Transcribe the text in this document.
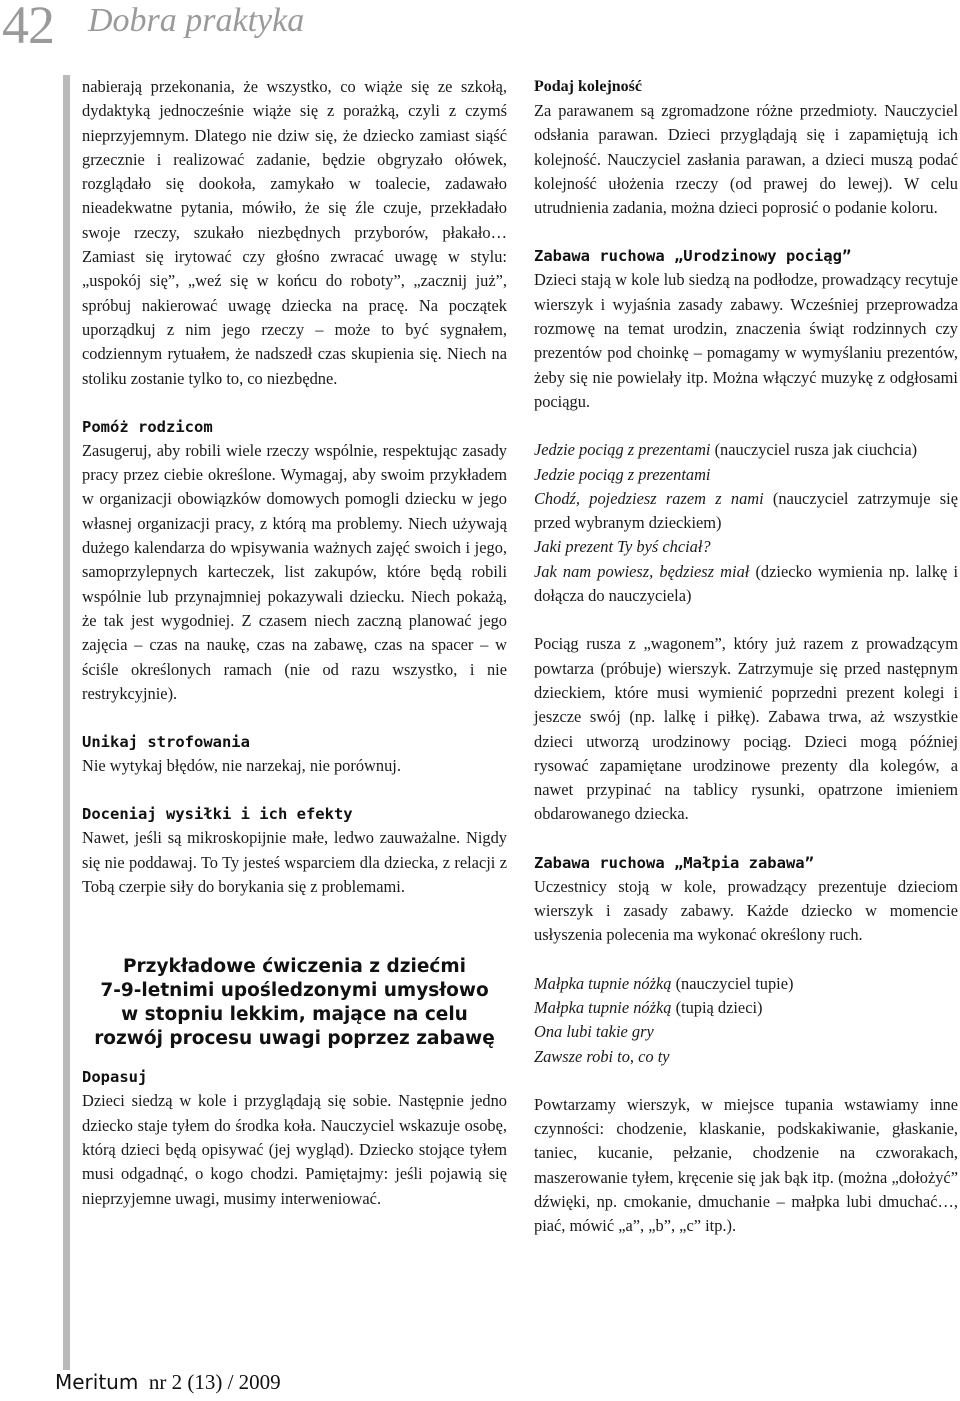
42 Dobra praktyka

nabierają przekonania, że wszystko, co wiąże się ze szkołą, dydaktyką jednocześnie wiąże się z porażką, czyli z czymś nieprzyjemnym. Dlatego nie dziw się, że dziecko zamiast siąść grzecznie i realizować zadanie, będzie obgryzało ołówek, rozglądało się dookoła, zamykało w toalecie, zadawało nieadekwatne pytania, mówiło, że się źle czuje, przekładało swoje rzeczy, szukało niezbędnych przyborów, płakało… Zamiast się irytować czy głośno zwracać uwagę w stylu: „uspokój się”, „weź się w końcu do roboty”, „zacznij już”, spróbuj nakierować uwagę dziecka na pracę. Na początek uporządkuj z nim jego rzeczy – może to być sygnałem, codziennym rytuałem, że nadszedł czas skupienia się. Niech na stoliku zostanie tylko to, co niezbędne.

Pomóż rodzicom

Zasugeruj, aby robili wiele rzeczy wspólnie, respektując zasady pracy przez ciebie określone. Wymagaj, aby swoim przykładem w organizacji obowiązków domowych pomogli dziecku w jego własnej organizacji pracy, z którą ma problemy. Niech używają dużego kalendarza do wpisywania ważnych zajęć swoich i jego, samoprzylepnych karteczek, list zakupów, które będą robili wspólnie lub przynajmniej pokazywali dziecku. Niech pokażą, że tak jest wygodniej. Z czasem niech zaczną planować jego zajęcia – czas na naukę, czas na zabawę, czas na spacer – w ściśle określonych ramach (nie od razu wszystko, i nie restrykcyjnie).

Unikaj strofowania

Nie wytykaj błędów, nie narzekaj, nie porównuj.

Doceniaj wysiłki i ich efekty

Nawet, jeśli są mikroskopijnie małe, ledwo zauważalne. Nigdy się nie poddawaj. To Ty jesteś wsparciem dla dziecka, z relacji z Tobą czerpie siły do borykania się z problemami.

Przykładowe ćwiczenia z dziećmi
7-9-letnimi upośledzonymi umysłowo
w stopniu lekkim, mające na celu
rozwój procesu uwagi poprzez zabawę
Dopasuj

Dzieci siedzą w kole i przyglądają się sobie. Następnie jedno dziecko staje tyłem do środka koła. Nauczyciel wskazuje osobę, którą dzieci będą opisywać (jej wygląd). Dziecko stojące tyłem musi odgadnąć, o kogo chodzi. Pamiętajmy: jeśli pojawią się nieprzyjemne uwagi, musimy interweniować.

Podaj kolejność

Za parawanem są zgromadzone różne przedmioty. Nauczyciel odsłania parawan. Dzieci przyglądają się i zapamiętują ich kolejność. Nauczyciel zasłania parawan, a dzieci muszą podać kolejność ułożenia rzeczy (od prawej do lewej). W celu utrudnienia zadania, można dzieci poprosić o podanie koloru.

Zabawa ruchowa „Urodzinowy pociąg”

Dzieci stają w kole lub siedzą na podłodze, prowadzący recytuje wierszyk i wyjaśnia zasady zabawy. Wcześniej przeprowadza rozmowę na temat urodzin, znaczenia świąt rodzinnych czy prezentów pod choinkę – pomagamy w wymyślaniu prezentów, żeby się nie powielały itp. Można włączyć muzykę z odgłosami pociągu.

Jedzie pociąg z prezentami (nauczyciel rusza jak ciuchcia)

Jedzie pociąg z prezentami

Chodź, pojedziesz razem z nami (nauczyciel zatrzymuje się przed wybranym dzieckiem)

Jaki prezent Ty byś chciał?

Jak nam powiesz, będziesz miał (dziecko wymienia np. lalkę i dołącza do nauczyciela)

Pociąg rusza z „wagonem”, który już razem z prowadzącym powtarza (próbuje) wierszyk. Zatrzymuje się przed następnym dzieckiem, które musi wymienić poprzedni prezent kolegi i jeszcze swój (np. lalkę i piłkę). Zabawa trwa, aż wszystkie dzieci utworzą urodzinowy pociąg. Dzieci mogą później rysować zapamiętane urodzinowe prezenty dla kolegów, a nawet przypinać na tablicy rysunki, opatrzone imieniem obdarowanego dziecka.

Zabawa ruchowa „Małpia zabawa”

Uczestnicy stoją w kole, prowadzący prezentuje dzieciom wierszyk i zasady zabawy. Każde dziecko w momencie usłyszenia polecenia ma wykonać określony ruch.

Małpka tupnie nóżką (nauczyciel tupie)

Małpka tupnie nóżką (tupią dzieci)

Ona lubi takie gry

Zawsze robi to, co ty

Powtarzamy wierszyk, w miejsce tupania wstawiamy inne czynności: chodzenie, klaskanie, podskakiwanie, głaskanie, taniec, kucanie, pełzanie, chodzenie na czworakach, maszerowanie tyłem, kręcenie się jak bąk itp. (można „dołożyć” dźwięki, np. cmokanie, dmuchanie – małpka lubi dmuchać…, piać, mówić „a”, „b”, „c” itp.).

Meritum nr 2 (13) / 2009
